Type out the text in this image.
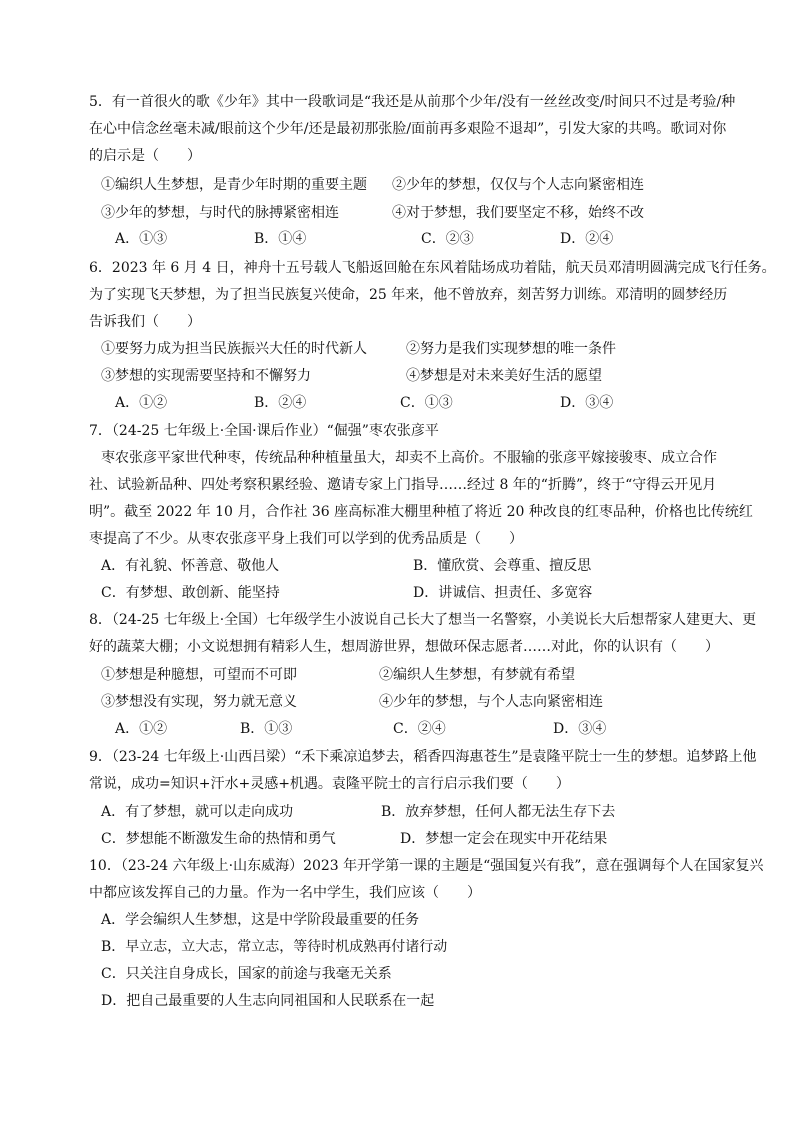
5．有一首很火的歌《少年》其中一段歌词是“我还是从前那个少年/没有一丝丝改变/时间只不过是考验/种
在心中信念丝毫未减/眼前这个少年/还是最初那张脸/面前再多艰险不退却”，引发大家的共鸣。歌词对你
的启示是（　　）
①编织人生梦想，是青少年时期的重要主题 ②少年的梦想，仅仅与个人志向紧密相连
③少年的梦想，与时代的脉搏紧密相连	④对于梦想，我们要坚定不移，始终不改
A．①③	B．①④	C．②③	D．②④
6．2023 年 6 月 4 日，神舟十五号载人飞船返回舱在东风着陆场成功着陆，航天员邓清明圆满完成飞行任务。
为了实现飞天梦想，为了担当民族复兴使命，25 年来，他不曾放弃，刻苦努力训练。邓清明的圆梦经历
告诉我们（　　）
①要努力成为担当民族振兴大任的时代新人	②努力是我们实现梦想的唯一条件
③梦想的实现需要坚持和不懈努力	④梦想是对未来美好生活的愿望
A．①②	B．②④	C．①③	D．③④
7．（24-25 七年级上·全国·课后作业）“倔强”枣农张彦平
枣农张彦平家世代种枣，传统品种种植量虽大，却卖不上高价。不服输的张彦平嫁接骏枣、成立合作
社、试验新品种、四处考察积累经验、邀请专家上门指导……经过 8 年的“折腾”，终于“守得云开见月
明”。截至 2022 年 10 月，合作社 36 座高标准大棚里种植了将近 20 种改良的红枣品种，价格也比传统红
枣提高了不少。从枣农张彦平身上我们可以学到的优秀品质是（　　）
A．有礼貌、怀善意、敬他人	B．懂欣赏、会尊重、擅反思
C．有梦想、敢创新、能坚持	D．讲诚信、担责任、多宽容
8．（24-25 七年级上·全国）七年级学生小波说自己长大了想当一名警察，小美说长大后想帮家人建更大、更
好的蔬菜大棚；小文说想拥有精彩人生，想周游世界，想做环保志愿者……对此，你的认识有（　　）
①梦想是种臆想，可望而不可即	②编织人生梦想，有梦就有希望
③梦想没有实现，努力就无意义	④少年的梦想，与个人志向紧密相连
A．①②	B．①③	C．②④	D．③④
9．（23-24 七年级上·山西吕梁）“禾下乘凉追梦去，稻香四海惠苍生”是袁隆平院士一生的梦想。追梦路上他
常说，成功=知识+汗水+灵感+机遇。袁隆平院士的言行启示我们要（　　）
A．有了梦想，就可以走向成功	B．放弃梦想，任何人都无法生存下去
C．梦想能不断激发生命的热情和勇气	D．梦想一定会在现实中开花结果
10．（23-24 六年级上·山东威海）2023 年开学第一课的主题是“强国复兴有我”，意在强调每个人在国家复兴
中都应该发挥自己的力量。作为一名中学生，我们应该（　　）
A．学会编织人生梦想，这是中学阶段最重要的任务
B．早立志，立大志，常立志，等待时机成熟再付诸行动
C．只关注自身成长，国家的前途与我毫无关系
D．把自己最重要的人生志向同祖国和人民联系在一起
